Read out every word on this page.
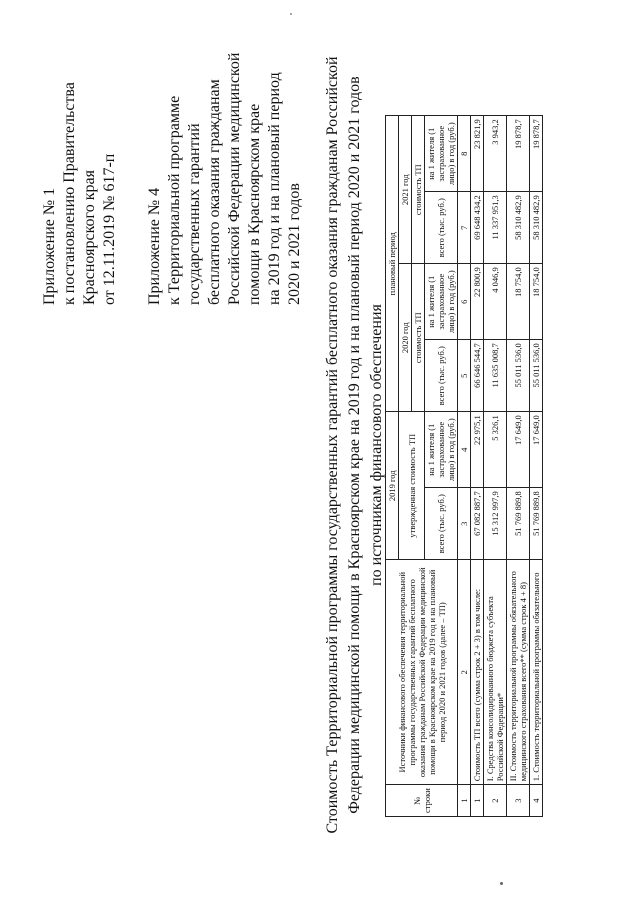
Приложение № 1 к постановлению Правительства Красноярского края от 12.11.2019 № 617-п Приложение № 4 к Территориальной программе государственных гарантий бесплатного оказания гражданам Российской Федерации медицинской помощи в Красноярском крае на 2019 год и на плановый период 2020 и 2021 годов Стоимость Территориальной программы государственных гарантий бесплатного оказания гражданам Российской Федерации медицинской помощи в Красноярском крае на 2019 год и на плановый период 2020 и 2021 годов по источникам финансового обеспечения
№ строки	Источники финансового обеспечения территориальной программы государственных гарантий бесплатного оказания гражданам Российской Федерации медицинской помощи в Красноярском крае на 2019 год и на плановый период 2020 и 2021 годов (далее – ТП)	2019 год		плановый период			
		утвержденная стоимость ТП		2020 год		2021 год	
				стоимость ТП		стоимость ТП	
		всего (тыс. руб.)	на 1 жителя (1 застрахованное лицо) в год (руб.)	всего (тыс. руб.)	на 1 жителя (1 застрахованное лицо) в год (руб.)	всего (тыс. руб.)	на 1 жителя (1 застрахованное лицо) в год (руб.)
1	2	3	4	5	6	7	8
1	Стоимость ТП всего (сумма строк 2 + 3) в том числе:	67 082 887,7	22 975,1	66 646 544,7	22 800,9	69 648 434,2	23 821,9
2	I. Средства консолидированного бюджета субъекта Российской Федерации*	15 312 997,9	5 326,1	11 635 008,7	4 046,9	11 337 951,3	3 943,2
3	II. Стоимость территориальной программы обязательного медицинского страхования всего** (сумма строк 4 + 8)	51 769 889,8	17 649,0	55 011 536,0	18 754,0	58 310 482,9	19 878,7
4	1. Стоимость территориальной программы обязательного	51 769 889,8	17 649,0	55 011 536,0	18 754,0	58 310 482,9	19 878,7
